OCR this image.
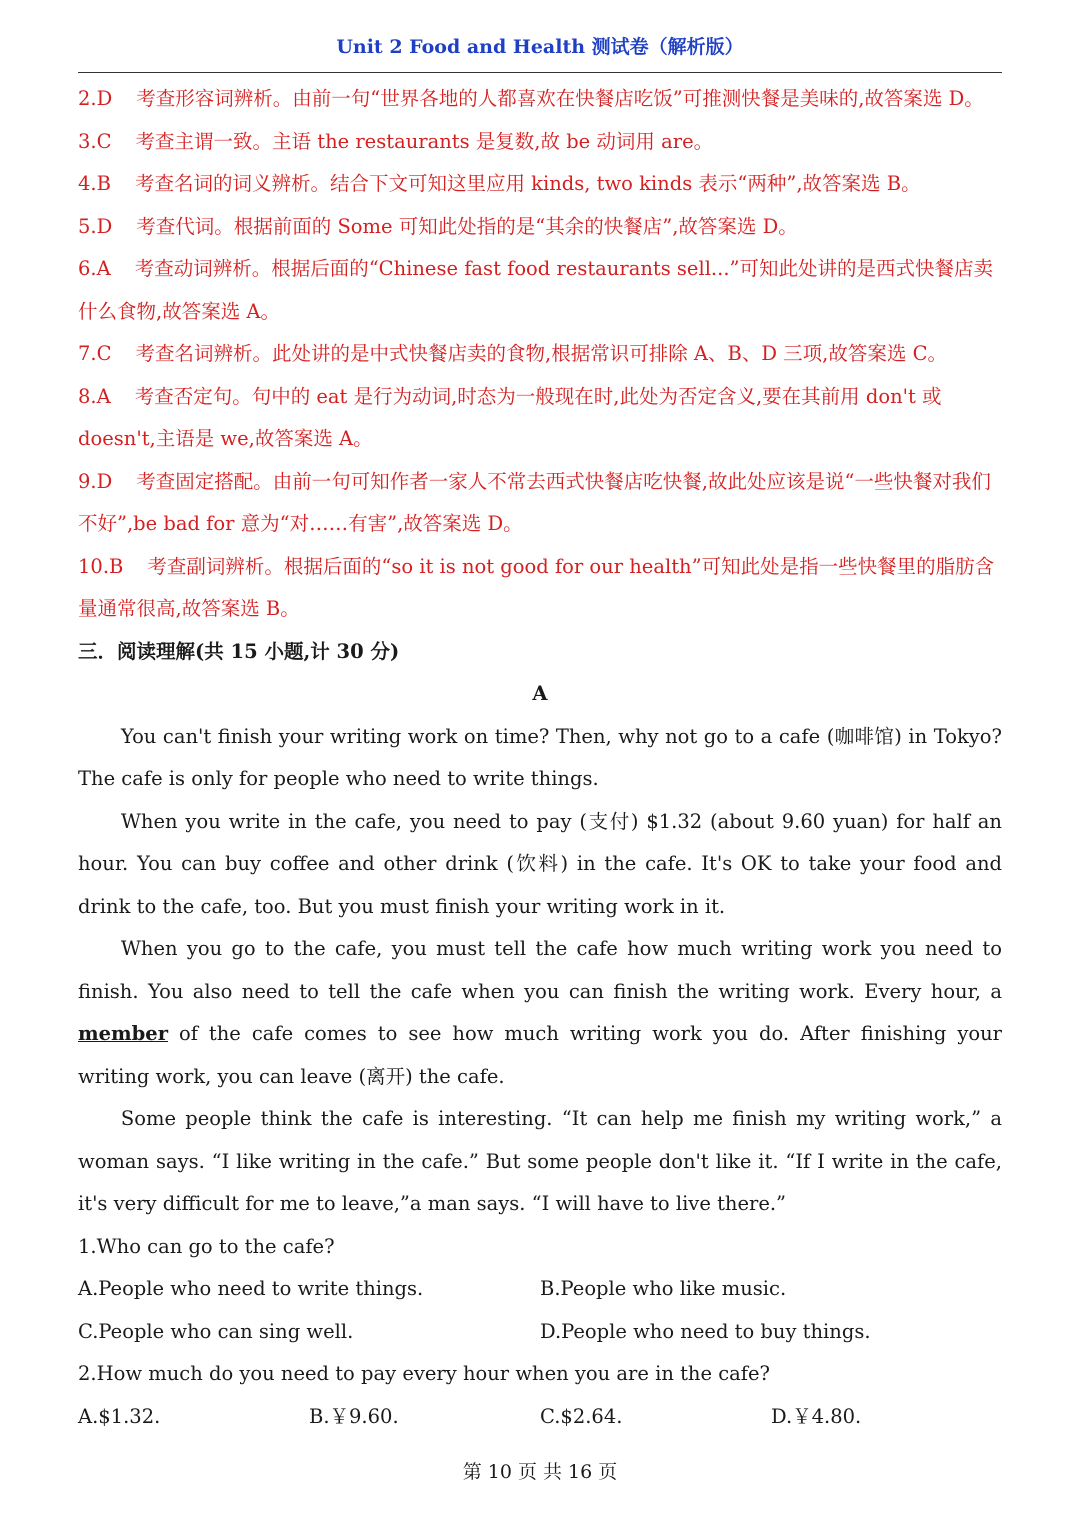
Unit 2 Food and Health 测试卷（解析版）
2.D 考查形容词辨析。由前一句“世界各地的人都喜欢在快餐店吃饭”可推测快餐是美味的,故答案选 D。
3.C 考查主谓一致。主语 the restaurants 是复数,故 be 动词用 are。
4.B 考查名词的词义辨析。结合下文可知这里应用 kinds, two kinds 表示“两种”,故答案选 B。
5.D 考查代词。根据前面的 Some 可知此处指的是“其余的快餐店”,故答案选 D。
6.A 考查动词辨析。根据后面的“Chinese fast food restaurants sell...”可知此处讲的是西式快餐店卖什么食物,故答案选 A。
7.C 考查名词辨析。此处讲的是中式快餐店卖的食物,根据常识可排除 A、B、D 三项,故答案选 C。
8.A 考查否定句。句中的 eat 是行为动词,时态为一般现在时,此处为否定含义,要在其前用 don't 或 doesn't,主语是 we,故答案选 A。
9.D 考查固定搭配。由前一句可知作者一家人不常去西式快餐店吃快餐,故此处应该是说“一些快餐对我们不好”,be bad for 意为“对……有害”,故答案选 D。
10.B 考查副词辨析。根据后面的“so it is not good for our health”可知此处是指一些快餐里的脂肪含量通常很高,故答案选 B。
三．阅读理解(共 15 小题,计 30 分)
A
You can't finish your writing work on time? Then, why not go to a cafe (咖啡馆) in Tokyo? The cafe is only for people who need to write things.
When you write in the cafe, you need to pay (支付) $1.32 (about 9.60 yuan) for half an hour. You can buy coffee and other drink (饮料) in the cafe. It's OK to take your food and drink to the cafe, too. But you must finish your writing work in it.
When you go to the cafe, you must tell the cafe how much writing work you need to finish. You also need to tell the cafe when you can finish the writing work. Every hour, a member of the cafe comes to see how much writing work you do. After finishing your writing work, you can leave (离开) the cafe.
Some people think the cafe is interesting. “It can help me finish my writing work,” a woman says. “I like writing in the cafe.” But some people don't like it. “If I write in the cafe, it's very difficult for me to leave,”a man says. “I will have to live there.”
1.Who can go to the cafe?
A.People who need to write things.	B.People who like music.
C.People who can sing well.	D.People who need to buy things.
2.How much do you need to pay every hour when you are in the cafe?
A.$1.32.	B.￥9.60.	C.$2.64.	D.￥4.80.
第 10 页 共 16 页
